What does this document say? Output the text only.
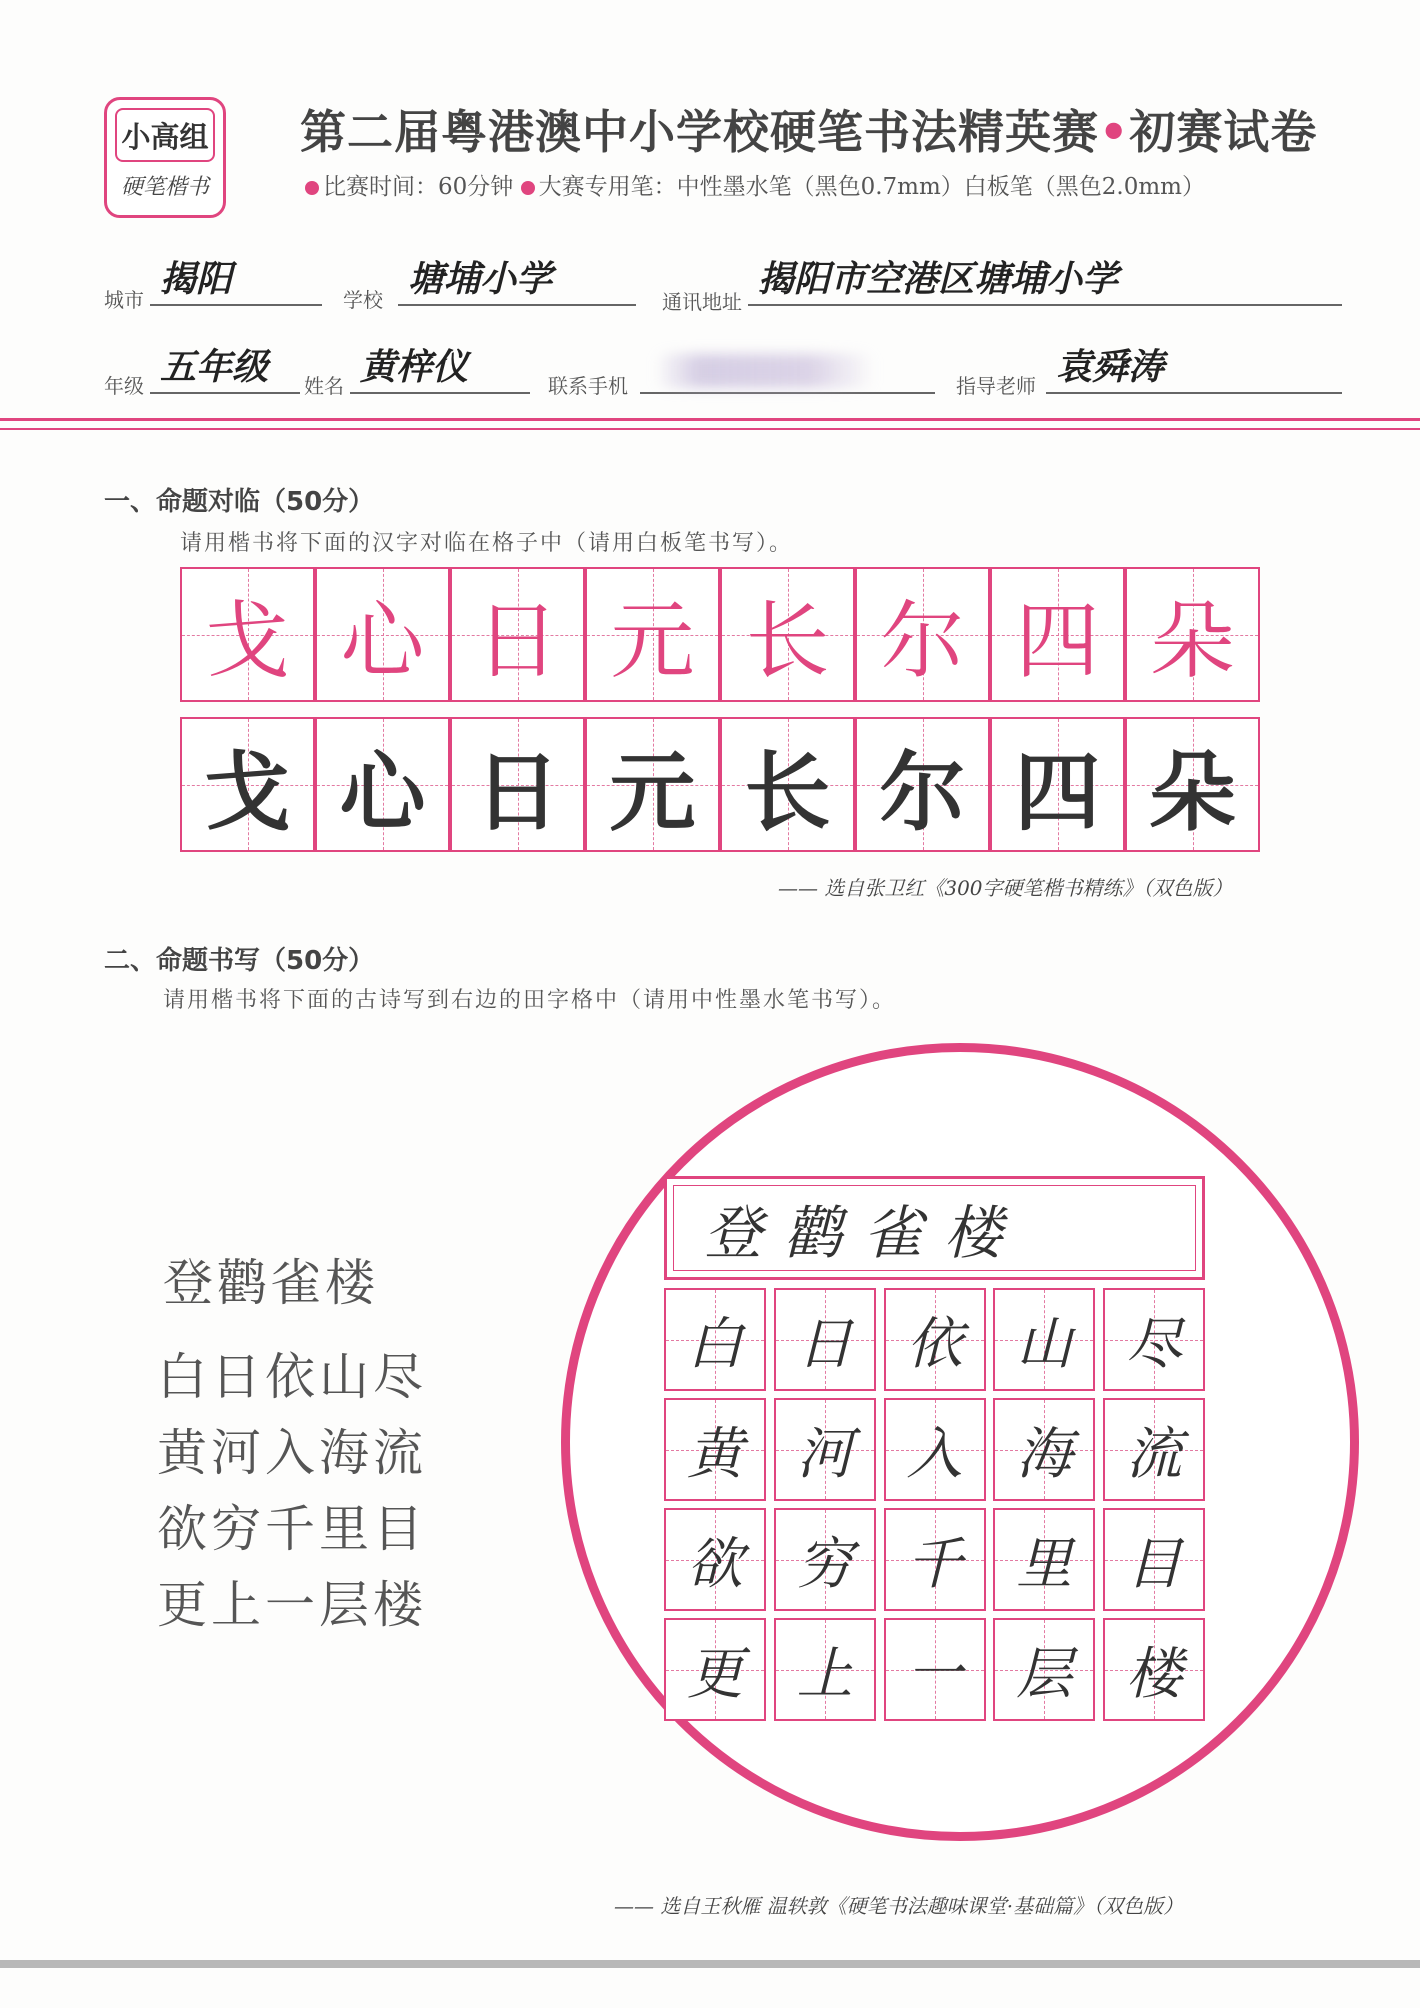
小高组
硬笔楷书
第二届粤港澳中小学校硬笔书法精英赛•初赛试卷
比赛时间：60分钟 大赛专用笔：中性墨水笔（黑色0.7mm）白板笔（黑色2.0mm）
城市 揭阳	学校 塘埔小学
通讯地址
揭阳市空港区塘埔小学
年级 五年级	姓名 黄梓仪	联系手机	指导老师 袁舜涛
一、命题对临（50分）
请用楷书将下面的汉字对临在格子中（请用白板笔书写）。
戈 心 日 元 长 尔 四 朵
戈 心 日 元 长 尔 四 朵
—— 选自张卫红《300字硬笔楷书精练》（双色版）
二、命题书写（50分）
请用楷书将下面的古诗写到右边的田字格中（请用中性墨水笔书写）。
登鹳雀楼
白日依山尽
黄河入海流
欲穷千里目
更上一层楼
登鹳雀楼
白 日 依 山 尽
黄 河 入 海 流
欲 穷 千 里 目
更 上 一 层 楼
—— 选自王秋雁 温轶敦《硬笔书法趣味课堂·基础篇》（双色版）
